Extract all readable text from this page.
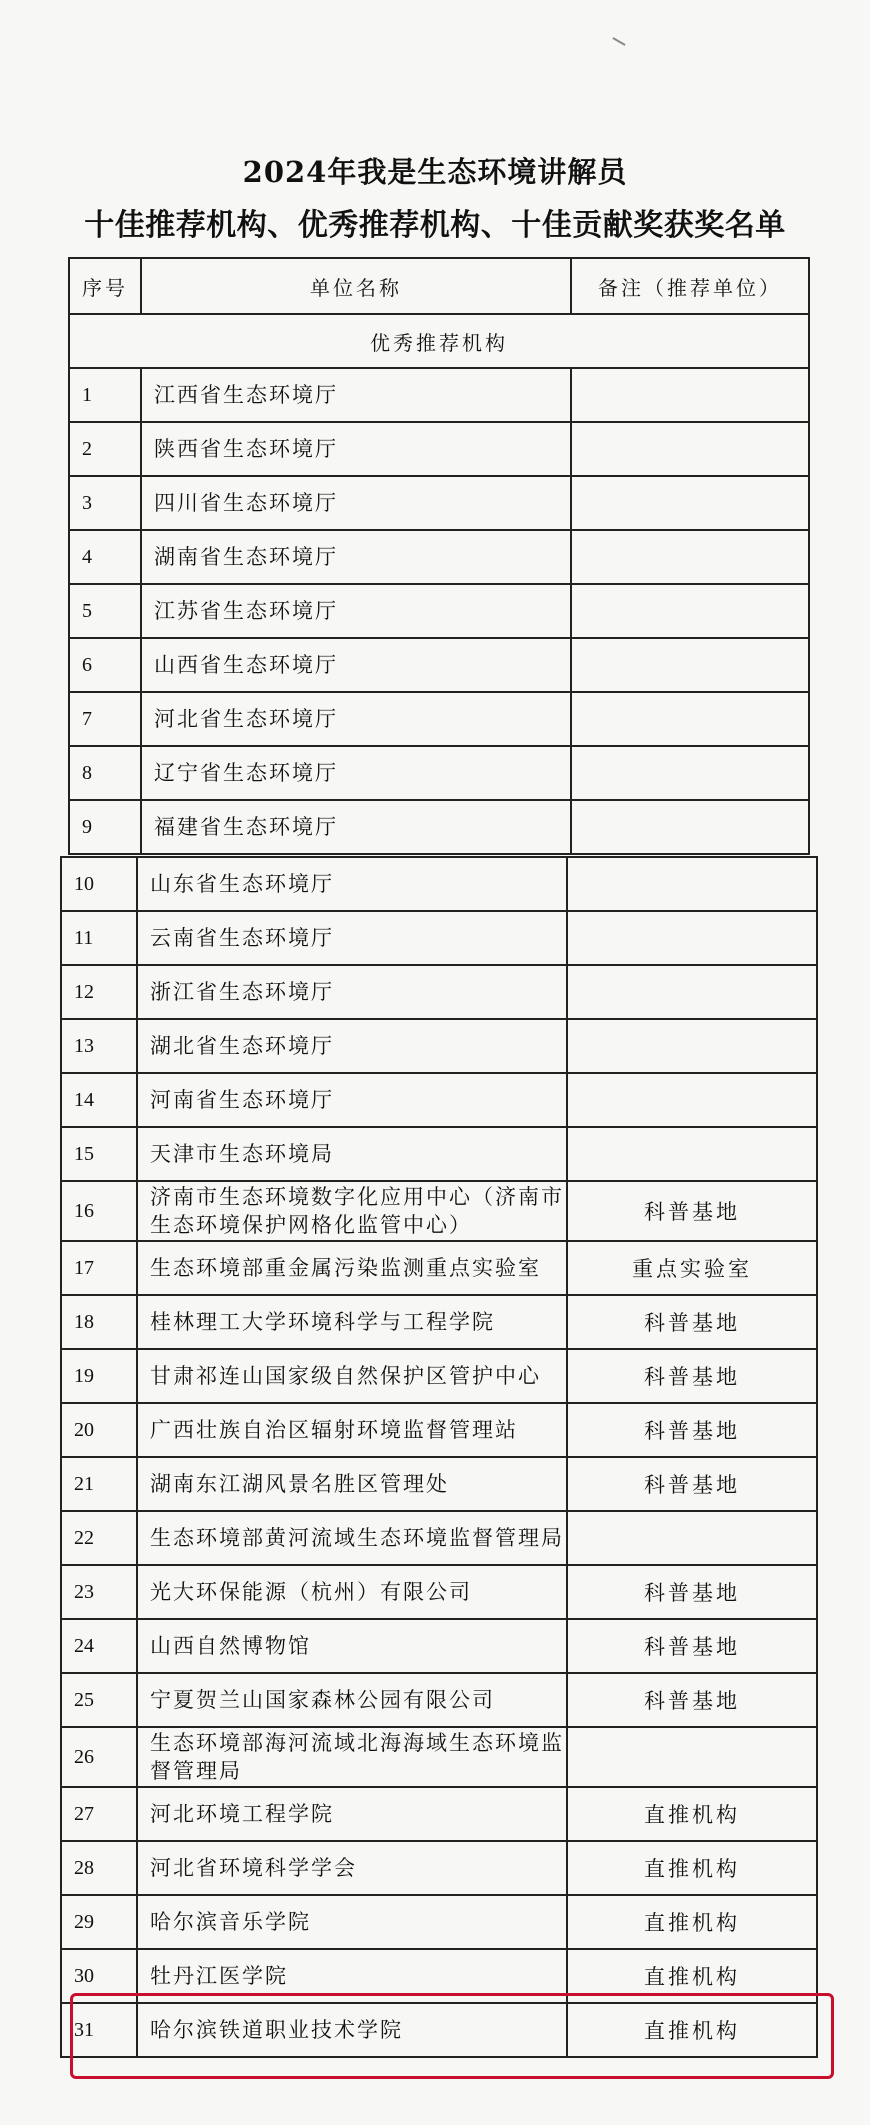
2024年我是生态环境讲解员
十佳推荐机构、优秀推荐机构、十佳贡献奖获奖名单
序号	单位名称	备注（推荐单位）
优秀推荐机构		
1	江西省生态环境厅	
2	陕西省生态环境厅	
3	四川省生态环境厅	
4	湖南省生态环境厅	
5	江苏省生态环境厅	
6	山西省生态环境厅	
7	河北省生态环境厅	
8	辽宁省生态环境厅	
9	福建省生态环境厅	
10	山东省生态环境厅	
11	云南省生态环境厅	
12	浙江省生态环境厅	
13	湖北省生态环境厅	
14	河南省生态环境厅	
15	天津市生态环境局	
16	济南市生态环境数字化应用中心（济南市生态环境保护网格化监管中心）	科普基地
17	生态环境部重金属污染监测重点实验室	重点实验室
18	桂林理工大学环境科学与工程学院	科普基地
19	甘肃祁连山国家级自然保护区管护中心	科普基地
20	广西壮族自治区辐射环境监督管理站	科普基地
21	湖南东江湖风景名胜区管理处	科普基地
22	生态环境部黄河流域生态环境监督管理局	
23	光大环保能源（杭州）有限公司	科普基地
24	山西自然博物馆	科普基地
25	宁夏贺兰山国家森林公园有限公司	科普基地
26	生态环境部海河流域北海海域生态环境监督管理局	
27	河北环境工程学院	直推机构
28	河北省环境科学学会	直推机构
29	哈尔滨音乐学院	直推机构
30	牡丹江医学院	直推机构
31	哈尔滨铁道职业技术学院	直推机构
